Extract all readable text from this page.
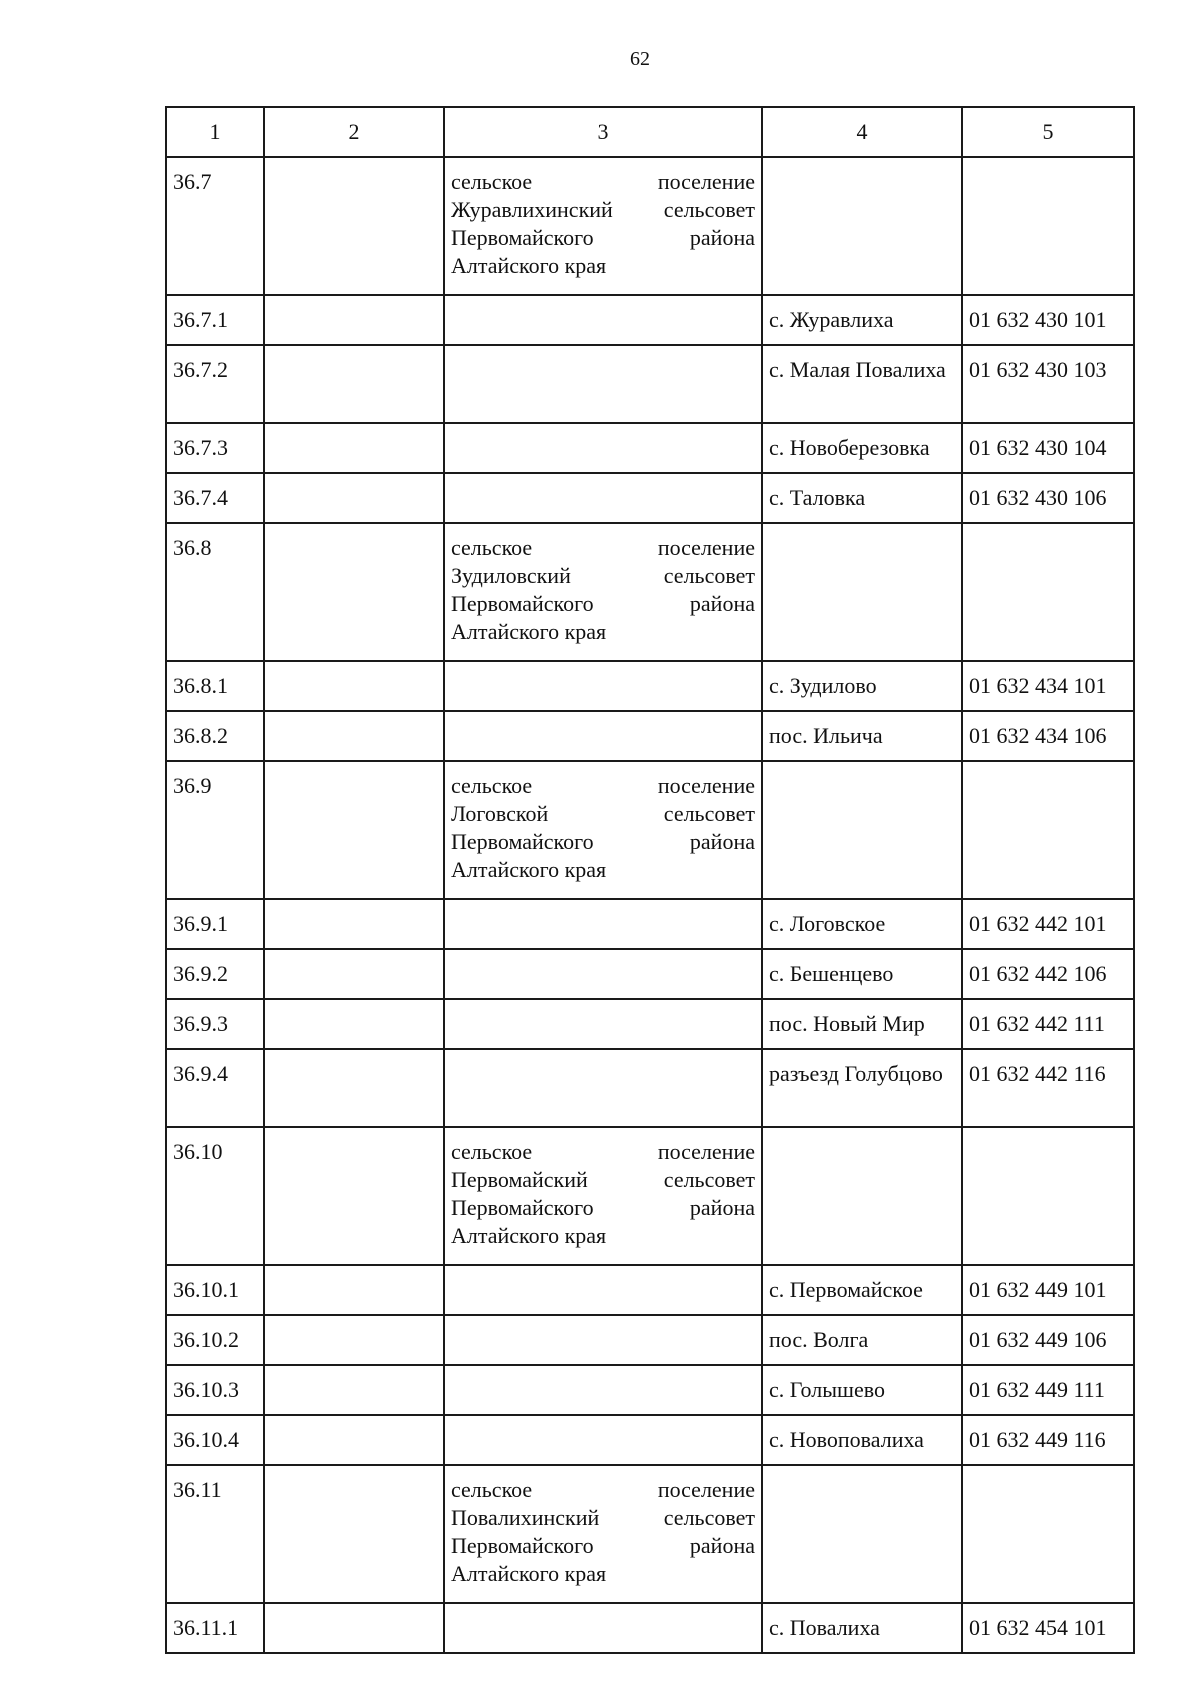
62
1	2	3	4	5
36.7		сельское поселение
Журавлихинский сельсовет
Первомайского района
Алтайского края		

36.7.1			с. Журавлиха	01 632 430 101
36.7.2			с. Малая Повалиха	01 632 430 103
36.7.3			с. Новоберезовка	01 632 430 104
36.7.4			с. Таловка	01 632 430 106
36.8		сельское поселение
Зудиловский сельсовет
Первомайского района
Алтайского края		

36.8.1			с. Зудилово	01 632 434 101
36.8.2			пос. Ильича	01 632 434 106
36.9		сельское поселение
Логовской сельсовет
Первомайского района
Алтайского края		

36.9.1			с. Логовское	01 632 442 101
36.9.2			с. Бешенцево	01 632 442 106
36.9.3			пос. Новый Мир	01 632 442 111
36.9.4			разъезд Голубцово	01 632 442 116
36.10		сельское поселение
Первомайский сельсовет
Первомайского района
Алтайского края		

36.10.1			с. Первомайское	01 632 449 101
36.10.2			пос. Волга	01 632 449 106
36.10.3			с. Голышево	01 632 449 111
36.10.4			с. Новоповалиха	01 632 449 116
36.11		сельское поселение
Повалихинский сельсовет
Первомайского района
Алтайского края		

36.11.1			с. Повалиха	01 632 454 101
